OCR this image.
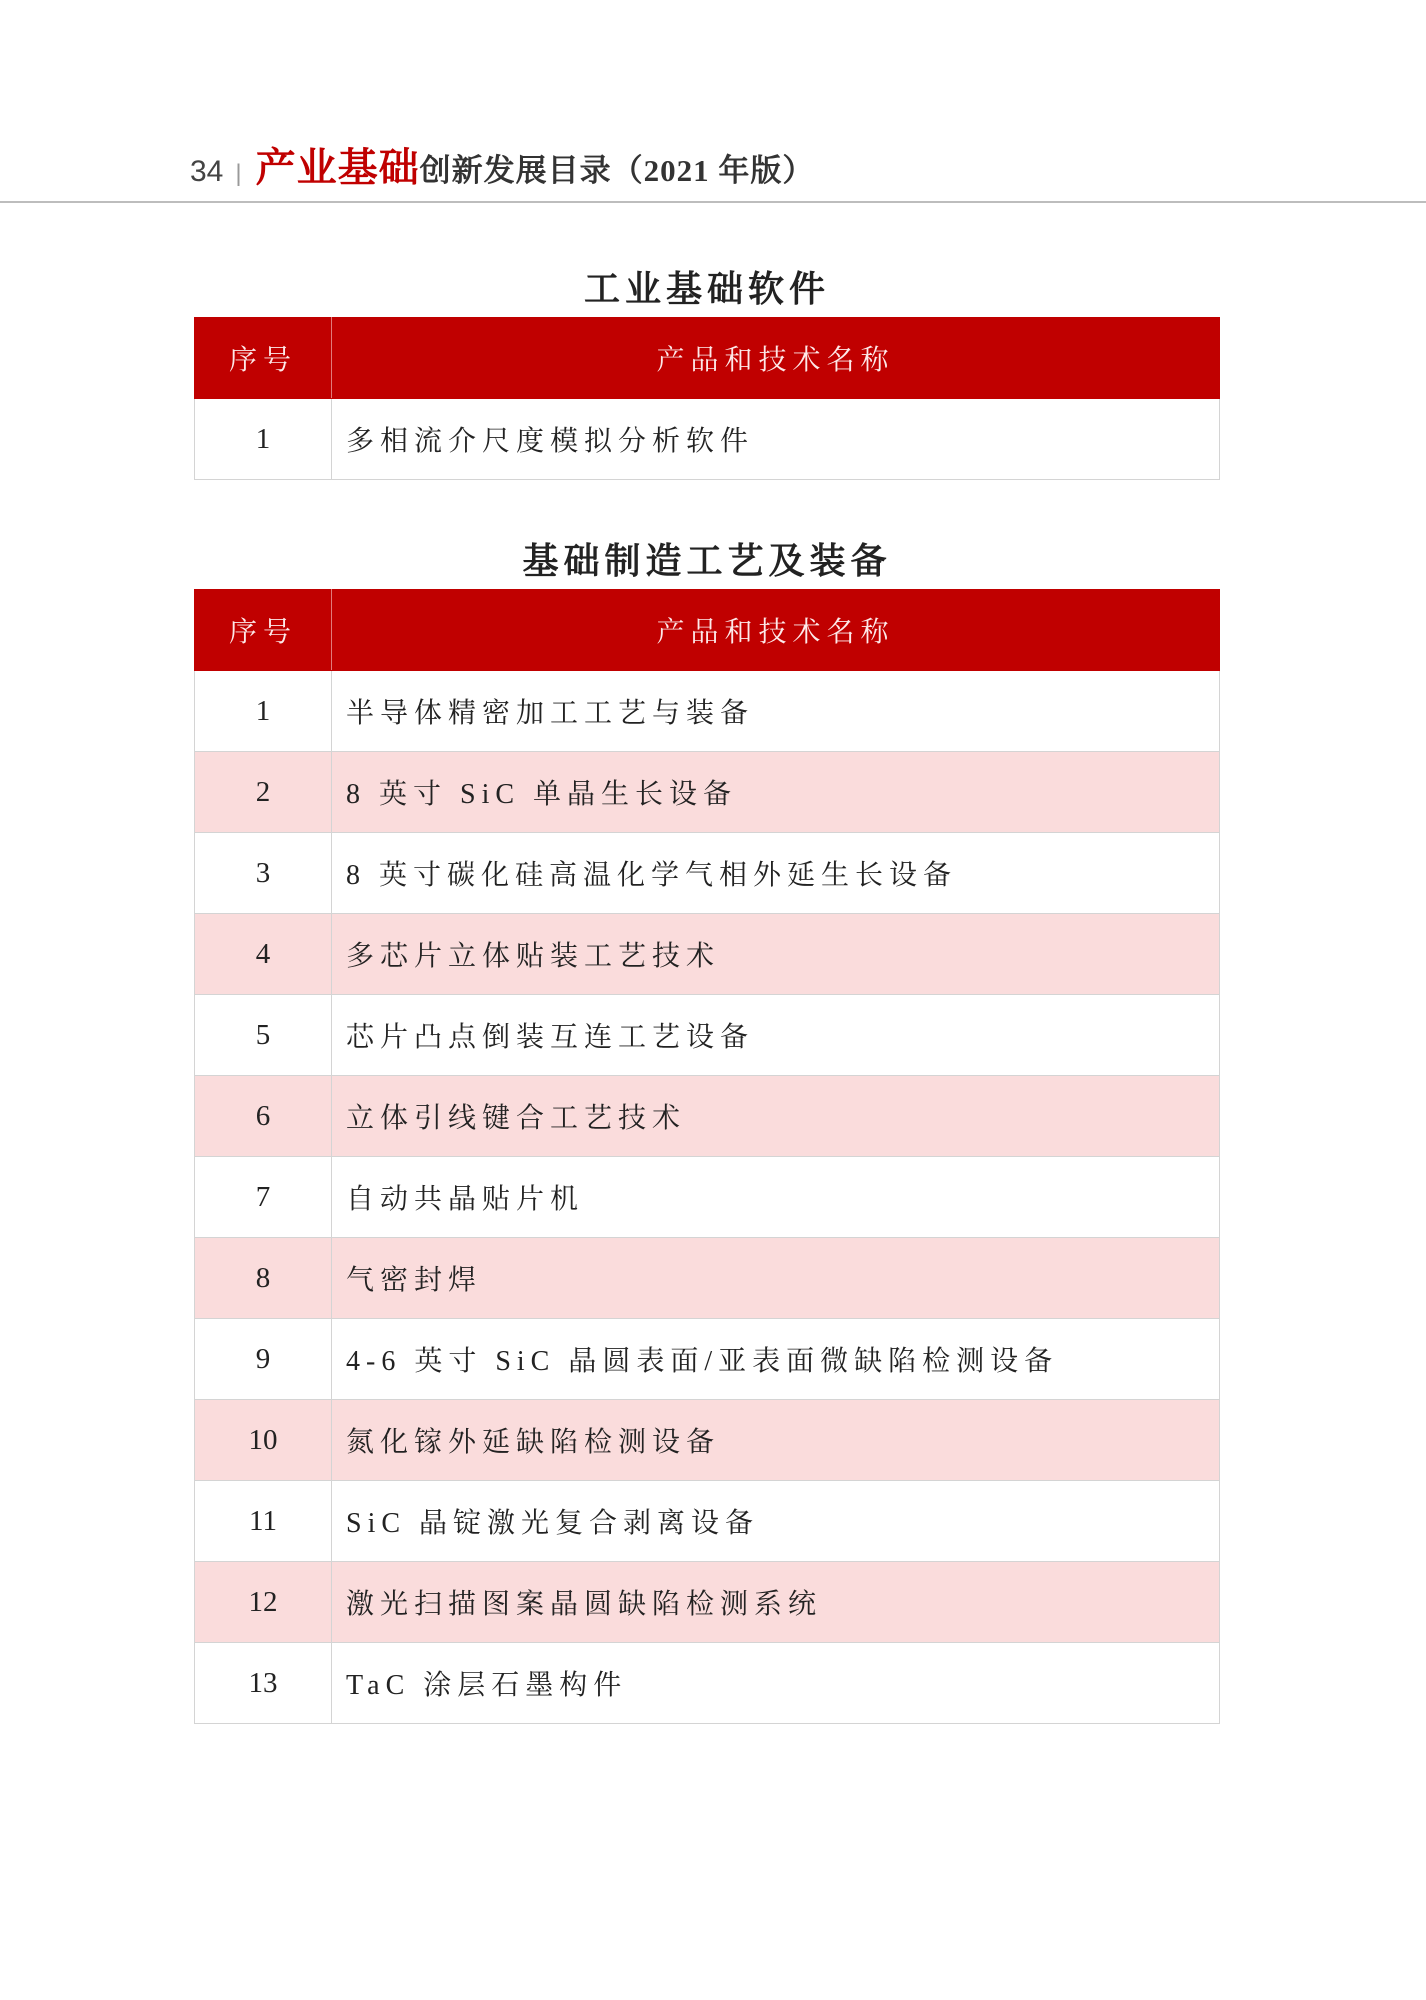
34 | 产业基础 创新发展目录（2021 年版）
工业基础软件
序号	产品和技术名称
1	多相流介尺度模拟分析软件
基础制造工艺及装备
序号	产品和技术名称
1	半导体精密加工工艺与装备
2	8 英寸 SiC 单晶生长设备
3	8 英寸碳化硅高温化学气相外延生长设备
4	多芯片立体贴装工艺技术
5	芯片凸点倒装互连工艺设备
6	立体引线键合工艺技术
7	自动共晶贴片机
8	气密封焊
9	4-6 英寸 SiC 晶圆表面/亚表面微缺陷检测设备
10	氮化镓外延缺陷检测设备
11	SiC 晶锭激光复合剥离设备
12	激光扫描图案晶圆缺陷检测系统
13	TaC 涂层石墨构件
